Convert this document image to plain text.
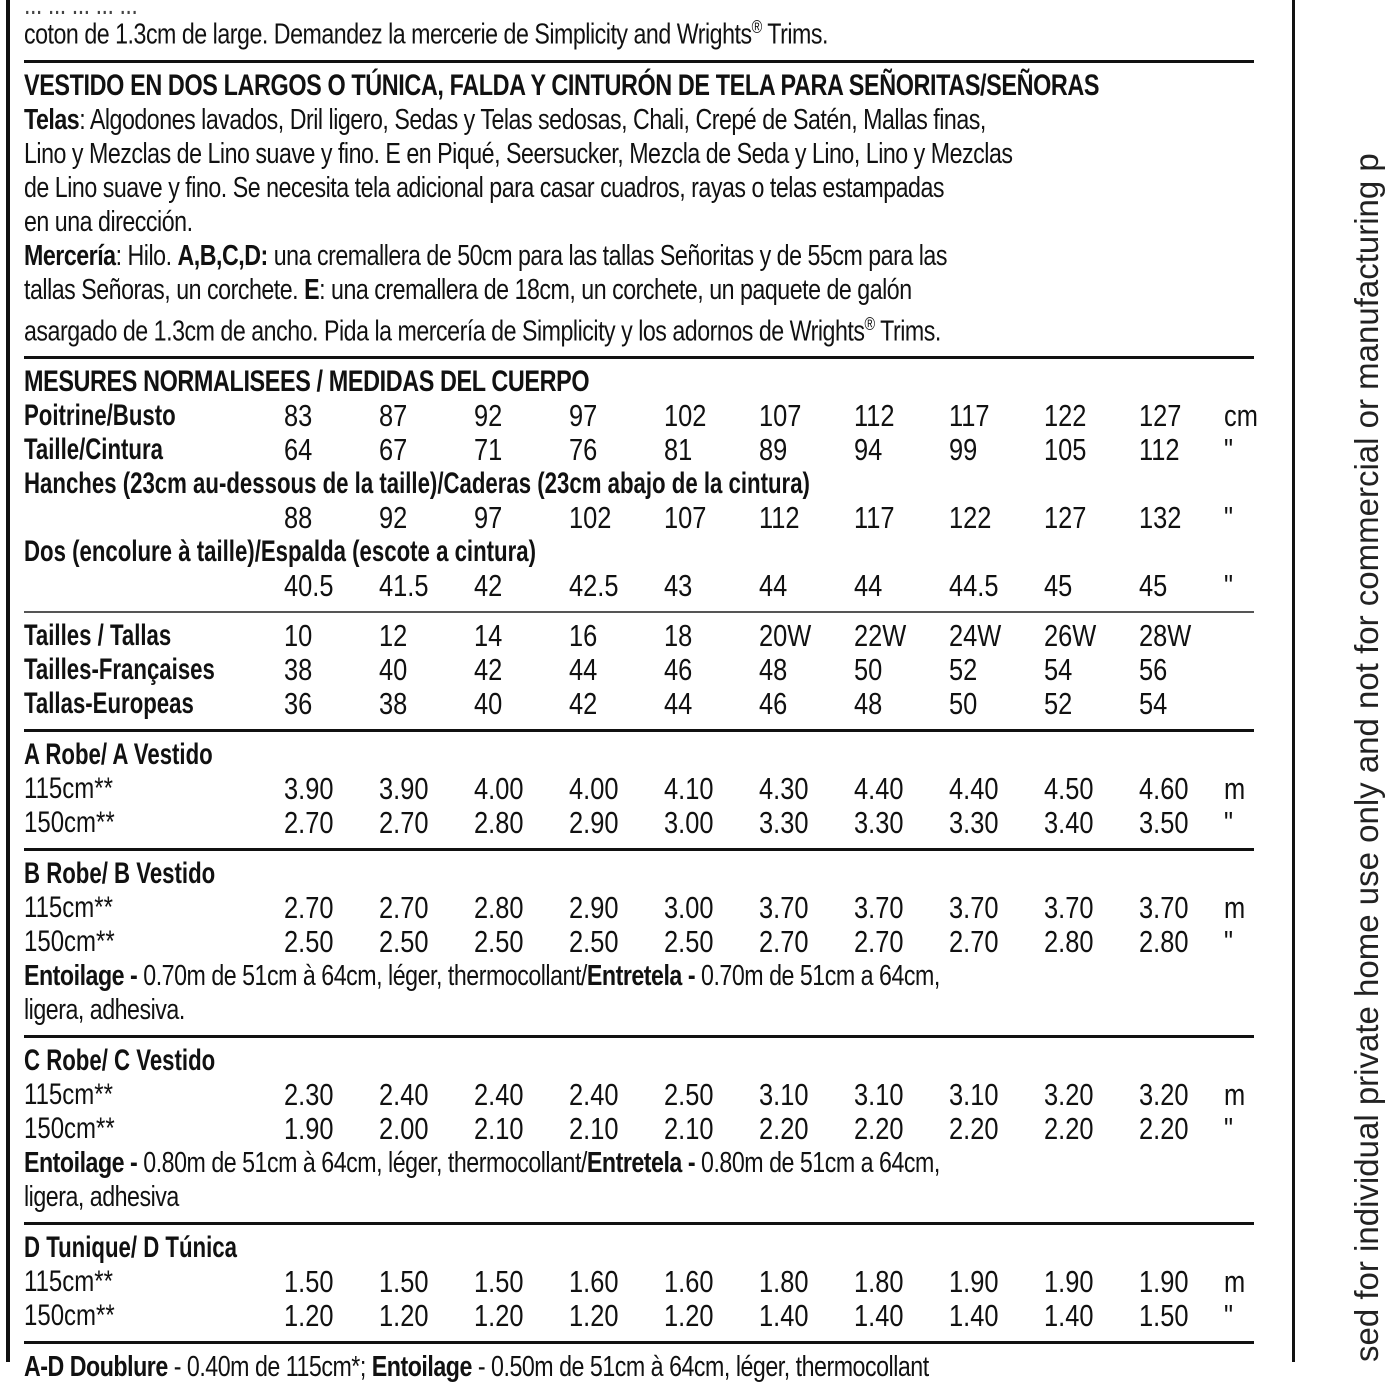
... ... ... ... ...
coton de 1.3cm de large. Demandez la mercerie de Simplicity and Wrights® Trims.
VESTIDO EN DOS LARGOS O TÚNICA, FALDA Y CINTURÓN DE TELA PARA SEÑORITAS/SEÑORAS
Telas: Algodones lavados, Dril ligero, Sedas y Telas sedosas, Chali, Crepé de Satén, Mallas finas,
Lino y Mezclas de Lino suave y fino. E en Piqué, Seersucker, Mezcla de Seda y Lino, Lino y Mezclas
de Lino suave y fino. Se necesita tela adicional para casar cuadros, rayas o telas estampadas
en una dirección.
Mercería: Hilo. A,B,C,D: una cremallera de 50cm para las tallas Señoritas y de 55cm para las
tallas Señoras, un corchete. E: una cremallera de 18cm, un corchete, un paquete de galón
asargado de 1.3cm de ancho. Pida la mercería de Simplicity y los adornos de Wrights® Trims.
MESURES NORMALISEES / MEDIDAS DEL CUERPO
Poitrine/Busto	83 87 92 97 102 107 112 117 122 127 cm
Taille/Cintura	64 67 71 76 81 89 94 99 105 112 "
Hanches (23cm au-dessous de la taille)/Caderas (23cm abajo de la cintura)
88 92 97 102 107 112 117 122 127 132 "
Dos (encolure à taille)/Espalda (escote a cintura)
40.5 41.5 42 42.5 43 44 44 44.5 45 45 "
Tailles / Tallas	10 12 14 16 18 20W 22W 24W 26W 28W
Tailles-Françaises 38 40 42 44 46 48 50 52 54 56
Tallas-Europeas	36 38 40 42 44 46 48 50 52 54
A Robe/ A Vestido
115cm**	3.90 3.90 4.00 4.00 4.10 4.30 4.40 4.40 4.50 4.60 m
150cm**	2.70 2.70 2.80 2.90 3.00 3.30 3.30 3.30 3.40 3.50 "
B Robe/ B Vestido
115cm**	2.70 2.70 2.80 2.90 3.00 3.70 3.70 3.70 3.70 3.70 m
150cm**	2.50 2.50 2.50 2.50 2.50 2.70 2.70 2.70 2.80 2.80 "
Entoilage - 0.70m de 51cm à 64cm, léger, thermocollant/Entretela - 0.70m de 51cm a 64cm,
ligera, adhesiva.
C Robe/ C Vestido
115cm**	2.30 2.40 2.40 2.40 2.50 3.10 3.10 3.10 3.20 3.20 m
150cm**	1.90 2.00 2.10 2.10 2.10 2.20 2.20 2.20 2.20 2.20 "
Entoilage - 0.80m de 51cm à 64cm, léger, thermocollant/Entretela - 0.80m de 51cm a 64cm,
ligera, adhesiva
D Tunique/ D Túnica
115cm**	1.50 1.50 1.50 1.60 1.60 1.80 1.80 1.90 1.90 1.90 m
150cm**	1.20 1.20 1.20 1.20 1.20 1.40 1.40 1.40 1.40 1.50 "
A-D Doublure - 0.40m de 115cm*; Entoilage - 0.50m de 51cm à 64cm, léger, thermocollant
sed for individual private home use only and not for commercial or manufacturing p
